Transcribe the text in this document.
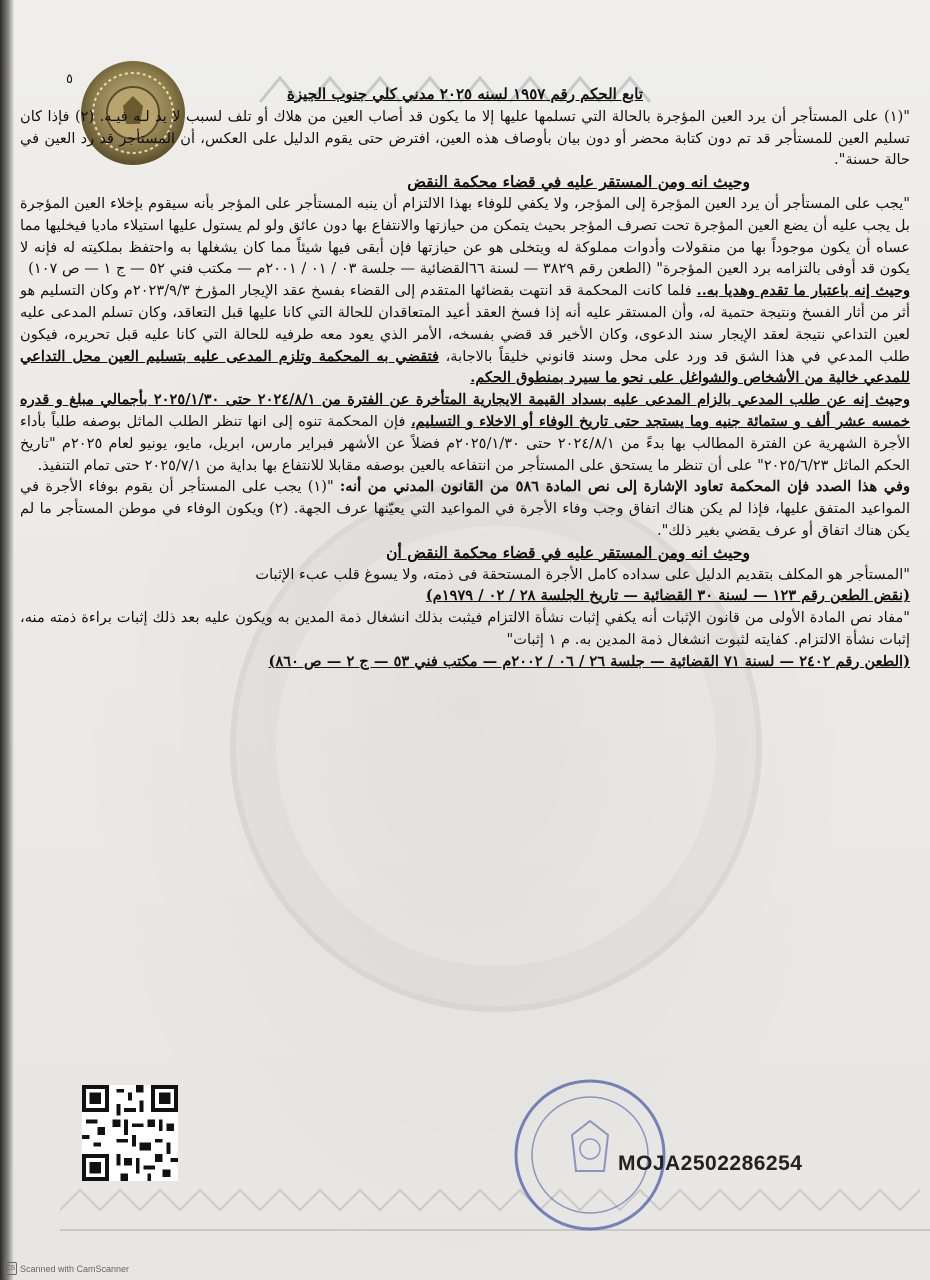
٥

تابع الحكم رقم ١٩٥٧ لسنه ٢٠٢٥ مدني كلي جنوب الجيزة

"(١) على المستأجر أن يرد العين المؤجرة بالحالة التي تسلمها عليها إلا ما يكون قد أصاب العين من هلاك أو تلف لسبب لا يد لـه فيـه. (٢) فإذا كان تسليم العين للمستأجر قد تم دون كتابة محضر أو دون بيان بأوصاف هذه العين، افترض حتى يقوم الدليل على العكس، أن المستأجر قد رد العين في حالة حسنة".

وحيث انه ومن المستقر عليه في قضاء محكمة النقض

"يجب على المستأجر أن يرد العين المؤجرة إلى المؤجر، ولا يكفي للوفاء بهذا الالتزام أن ينبه المستأجر على المؤجر بأنه سيقوم بإخلاء العين المؤجرة بل يجب عليه أن يضع العين المؤجرة تحت تصرف المؤجر بحيث يتمكن من حيازتها والانتفاع بها دون عائق ولو لم يستول عليها استيلاء ماديا فيخليها مما عساه أن يكون موجوداً بها من منقولات وأدوات مملوكة له ويتخلى هو عن حيازتها فإن أبقى فيها شيئاً مما كان يشغلها به واحتفظ بملكيته له فإنه لا يكون قد أوفى بالتزامه برد العين المؤجرة" (الطعن رقم ٣٨٢٩ — لسنة ٦٦القضائية — جلسة ٠٣ / ٠١ / ٢٠٠١م — مكتب فني ٥٢ — ج ١ — ص ١٠٧)

وحيث إنه باعتبار ما تقدم وهديا به.. فلما كانت المحكمة قد انتهت بقضائها المتقدم إلى القضاء بفسخ عقد الإيجار المؤرخ ٢٠٢٣/٩/٣م وكان التسليم هو أثر من أثار الفسخ ونتيجة حتمية له، وأن المستقر عليه أنه إذا فسخ العقد أعيد المتعاقدان للحالة التي كانا عليها قبل التعاقد، وكان تسلم المدعى عليه لعين التداعي نتيجة لعقد الإيجار سند الدعوى، وكان الأخير قد قضي بفسخه، الأمر الذي يعود معه طرفيه للحالة التي كانا عليه قبل تحريره، فيكون طلب المدعي في هذا الشق قد ورد على محل وسند قانوني خليقاً بالاجابة، فتقضي به المحكمة وتلزم المدعى عليه بتسليم العين محل التداعي للمدعي خالية من الأشخاص والشواغل على نحو ما سيرد بمنطوق الحكم.

وحيث إنه عن طلب المدعي بالزام المدعى عليه بسداد القيمة الايجارية المتأخرة عن الفترة من ٢٠٢٤/٨/١ حتى ٢٠٢٥/١/٣٠ بأجمالي مبلغ و قدره خمسه عشر ألف و ستمائة جنيه وما يستجد حتى تاريخ الوفاء أو الاخلاء و التسليم، فإن المحكمة تنوه إلى انها تنظر الطلب الماثل بوصفه طلباً بأداء الأجرة الشهرية عن الفترة المطالب بها بدءً من ٢٠٢٤/٨/١ حتى ٢٠٢٥/١/٣٠م فضلاً عن الأشهر فبراير مارس، ابريل، مايو، يونيو لعام ٢٠٢٥م "تاريخ الحكم الماثل ٢٠٢٥/٦/٢٣" على أن تنظر ما يستحق على المستأجر من انتفاعه بالعين بوصفه مقابلا للانتفاع بها بداية من ٢٠٢٥/٧/١ حتى تمام التنفيذ.

وفي هذا الصدد فإن المحكمة تعاود الإشارة إلى نص المادة ٥٨٦ من القانون المدني من أنه: "(١) يجب على المستأجر أن يقوم بوفاء الأجرة في المواعيد المتفق عليها، فإذا لم يكن هناك اتفاق وجب وفاء الأجرة في المواعيد التي يعيّنها عرف الجهة. (٢) ويكون الوفاء في موطن المستأجر ما لم يكن هناك اتفاق أو عرف يقضي بغير ذلك".

وحيث انه ومن المستقر عليه في قضاء محكمة النقض أن

"المستأجر هو المكلف بتقديم الدليل على سداده كامل الأجرة المستحقة فى ذمته، ولا يسوغ قلب عبء الإثبات

(نقض الطعن رقم ١٢٣ — لسنة ٣٠ القضائية — تاريخ الجلسة ٢٨ / ٠٢ / ١٩٧٩م)

"مفاد نص المادة الأولى من قانون الإثبات أنه يكفي إثبات نشأة الالتزام فيثبت بذلك انشغال ذمة المدين به ويكون عليه بعد ذلك إثبات براءة ذمته منه، إثبات نشأة الالتزام. كفايته لثبوت انشغال ذمة المدين به. م ١ إثبات"

(الطعن رقم ٢٤٠٢ — لسنة ٧١ القضائية — جلسة ٢٦ / ٠٦ / ٢٠٠٢م — مكتب فني ٥٣ — ج ٢ — ص ٨٦٠)

MOJA2502286254
CS Scanned with CamScanner
